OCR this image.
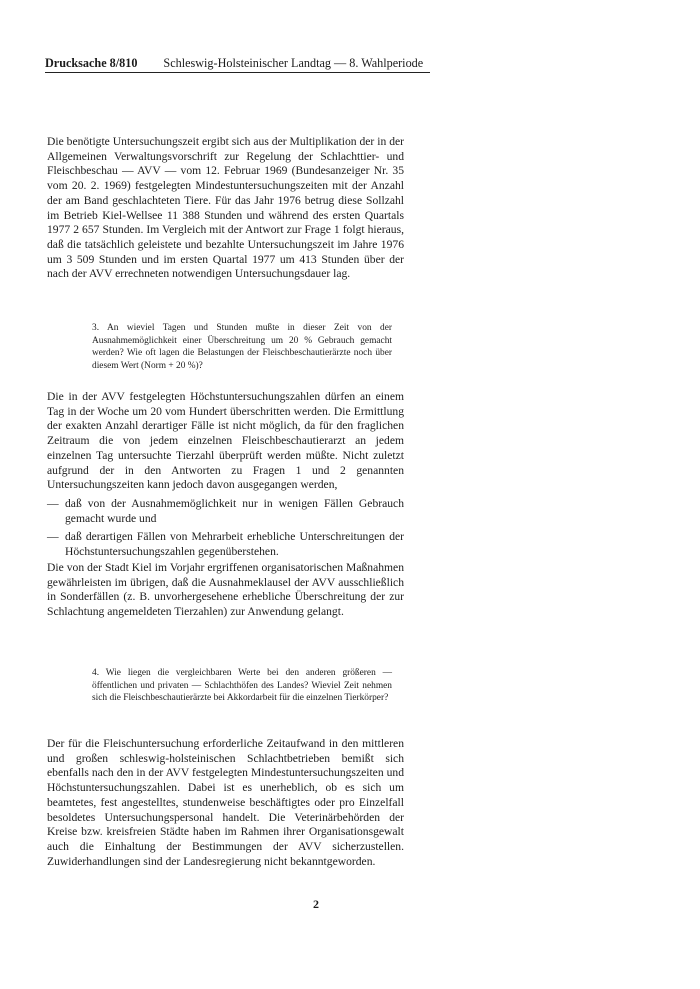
Drucksache 8/810 Schleswig-Holsteinischer Landtag — 8. Wahlperiode

Die benötigte Untersuchungszeit ergibt sich aus der Multiplikation der in der Allgemeinen Verwaltungsvorschrift zur Regelung der Schlachttier- und Fleischbeschau — AVV — vom 12. Februar 1969 (Bundesanzeiger Nr. 35 vom 20. 2. 1969) festgelegten Mindestuntersuchungszeiten mit der Anzahl der am Band geschlachteten Tiere. Für das Jahr 1976 betrug diese Sollzahl im Betrieb Kiel-Wellsee 11 388 Stunden und während des ersten Quartals 1977 2 657 Stunden. Im Vergleich mit der Antwort zur Frage 1 folgt hieraus, daß die tatsächlich geleistete und bezahlte Untersuchungszeit im Jahre 1976 um 3 509 Stunden und im ersten Quartal 1977 um 413 Stunden über der nach der AVV errechneten notwendigen Untersuchungsdauer lag.

3. An wieviel Tagen und Stunden mußte in dieser Zeit von der Ausnahmemöglichkeit einer Überschreitung um 20 % Gebrauch gemacht werden? Wie oft lagen die Belastungen der Fleischbeschautierärzte noch über diesem Wert (Norm + 20 %)?

Die in der AVV festgelegten Höchstuntersuchungszahlen dürfen an einem Tag in der Woche um 20 vom Hundert überschritten werden. Die Ermittlung der exakten Anzahl derartiger Fälle ist nicht möglich, da für den fraglichen Zeitraum die von jedem einzelnen Fleischbeschautierarzt an jedem einzelnen Tag untersuchte Tierzahl überprüft werden müßte. Nicht zuletzt aufgrund der in den Antworten zu Fragen 1 und 2 genannten Untersuchungszeiten kann jedoch davon ausgegangen werden,

— daß von der Ausnahmemöglichkeit nur in wenigen Fällen Gebrauch gemacht wurde und
— daß derartigen Fällen von Mehrarbeit erhebliche Unterschreitungen der Höchstuntersuchungszahlen gegenüberstehen.

Die von der Stadt Kiel im Vorjahr ergriffenen organisatorischen Maßnahmen gewährleisten im übrigen, daß die Ausnahmeklausel der AVV ausschließlich in Sonderfällen (z. B. unvorhergesehene erhebliche Überschreitung der zur Schlachtung angemeldeten Tierzahlen) zur Anwendung gelangt.

4. Wie liegen die vergleichbaren Werte bei den anderen größeren — öffentlichen und privaten — Schlachthöfen des Landes? Wieviel Zeit nehmen sich die Fleischbeschautierärzte bei Akkordarbeit für die einzelnen Tierkörper?

Der für die Fleischuntersuchung erforderliche Zeitaufwand in den mittleren und großen schleswig-holsteinischen Schlachtbetrieben bemißt sich ebenfalls nach den in der AVV festgelegten Mindestuntersuchungszeiten und Höchstuntersuchungszahlen. Dabei ist es unerheblich, ob es sich um beamtetes, fest angestelltes, stundenweise beschäftigtes oder pro Einzelfall besoldetes Untersuchungspersonal handelt. Die Veterinärbehörden der Kreise bzw. kreisfreien Städte haben im Rahmen ihrer Organisationsgewalt auch die Einhaltung der Bestimmungen der AVV sicherzustellen. Zuwiderhandlungen sind der Landesregierung nicht bekanntgeworden.

2
